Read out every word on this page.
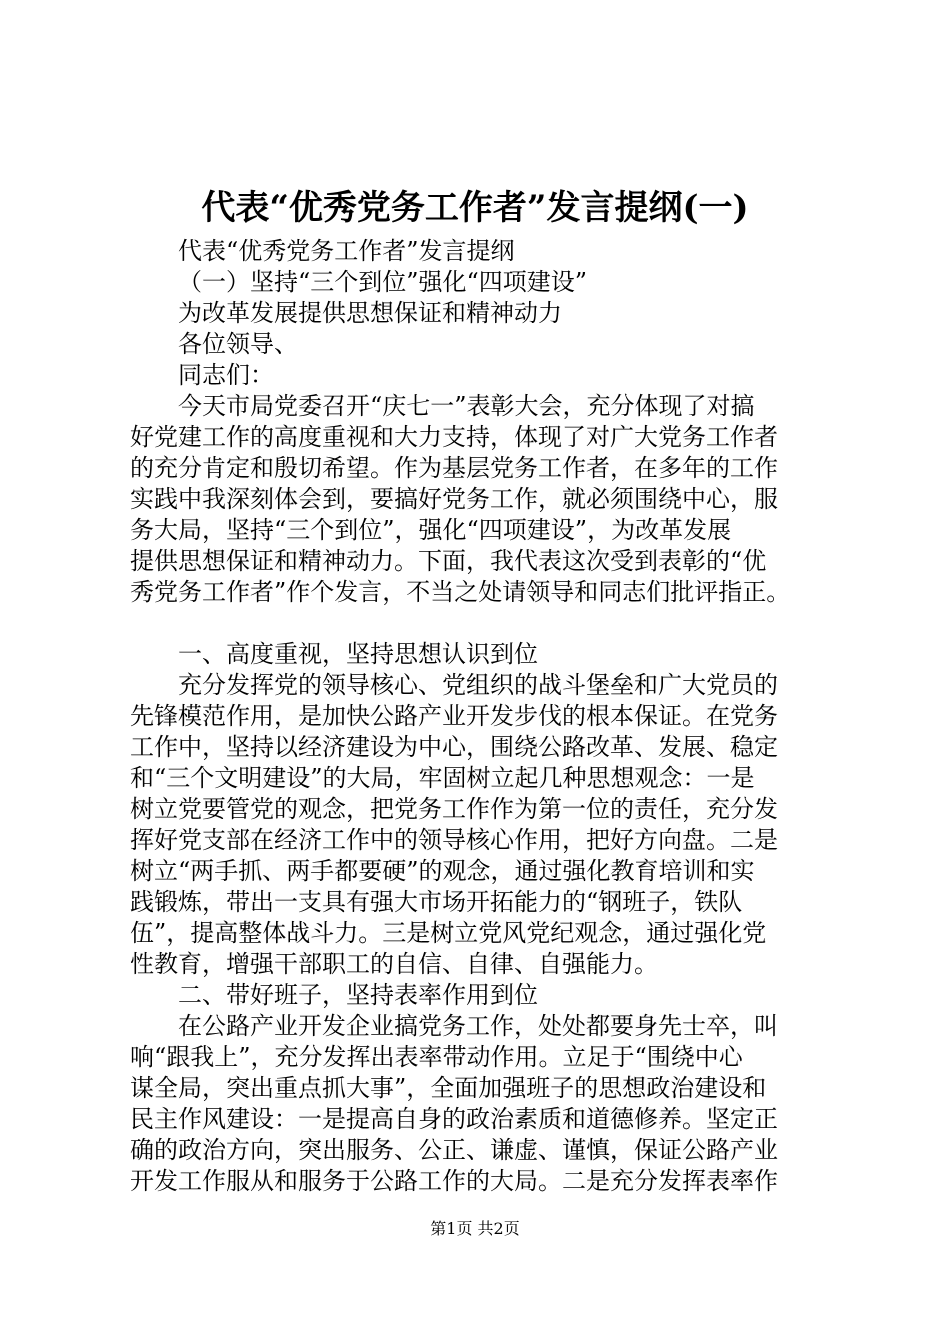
代表“优秀党务工作者”发言提纲(一)

代表“优秀党务工作者”发言提纲

（一）坚持“三个到位”强化“四项建设”

为改革发展提供思想保证和精神动力

各位领导、

同志们：

今天市局党委召开“庆七一”表彰大会，充分体现了对搞

好党建工作的高度重视和大力支持，体现了对广大党务工作者

的充分肯定和殷切希望。作为基层党务工作者，在多年的工作

实践中我深刻体会到，要搞好党务工作，就必须围绕中心，服

务大局，坚持“三个到位”，强化“四项建设”，为改革发展

提供思想保证和精神动力。下面，我代表这次受到表彰的“优

秀党务工作者”作个发言，不当之处请领导和同志们批评指正。

一、高度重视，坚持思想认识到位

充分发挥党的领导核心、党组织的战斗堡垒和广大党员的

先锋模范作用，是加快公路产业开发步伐的根本保证。在党务

工作中，坚持以经济建设为中心，围绕公路改革、发展、稳定

和“三个文明建设”的大局，牢固树立起几种思想观念：一是

树立党要管党的观念，把党务工作作为第一位的责任，充分发

挥好党支部在经济工作中的领导核心作用，把好方向盘。二是

树立“两手抓、两手都要硬”的观念，通过强化教育培训和实

践锻炼，带出一支具有强大市场开拓能力的“钢班子，铁队

伍”，提高整体战斗力。三是树立党风党纪观念，通过强化党

性教育，增强干部职工的自信、自律、自强能力。

二、带好班子，坚持表率作用到位

在公路产业开发企业搞党务工作，处处都要身先士卒，叫

响“跟我上”，充分发挥出表率带动作用。立足于“围绕中心

谋全局，突出重点抓大事”，全面加强班子的思想政治建设和

民主作风建设：一是提高自身的政治素质和道德修养。坚定正

确的政治方向，突出服务、公正、谦虚、谨慎，保证公路产业

开发工作服从和服务于公路工作的大局。二是充分发挥表率作

第1页 共2页
